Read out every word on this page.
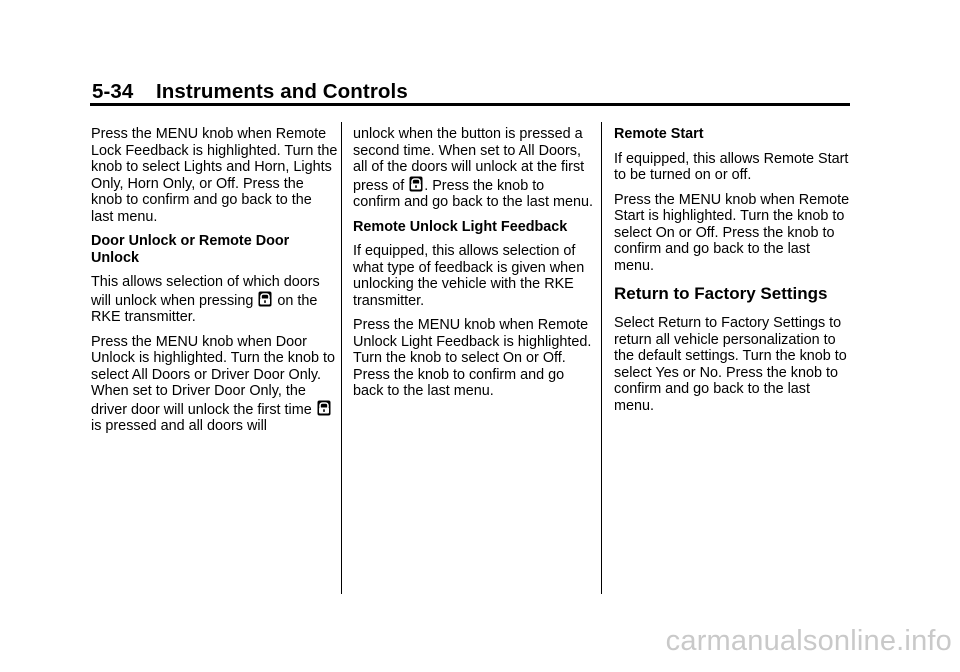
5-34 Instruments and Controls

Press the MENU knob when Remote Lock Feedback is highlighted. Turn the knob to select Lights and Horn, Lights Only, Horn Only, or Off. Press the knob to confirm and go back to the last menu.

Door Unlock or Remote Door Unlock

This allows selection of which doors will unlock when pressing
on the RKE transmitter.

Press the MENU knob when Door Unlock is highlighted. Turn the knob to select All Doors or Driver Door Only. When set to Driver Door Only, the driver door will unlock the first time
is pressed and all doors will

unlock when the button is pressed a second time. When set to All Doors, all of the doors will unlock at the first press of
. Press the knob to confirm and go back to the last menu.

Remote Unlock Light Feedback

If equipped, this allows selection of what type of feedback is given when unlocking the vehicle with the RKE transmitter.

Press the MENU knob when Remote Unlock Light Feedback is highlighted. Turn the knob to select On or Off. Press the knob to confirm and go back to the last menu.

Remote Start

If equipped, this allows Remote Start to be turned on or off.

Press the MENU knob when Remote Start is highlighted. Turn the knob to select On or Off. Press the knob to confirm and go back to the last menu.

Return to Factory Settings

Select Return to Factory Settings to return all vehicle personalization to the default settings. Turn the knob to select Yes or No. Press the knob to confirm and go back to the last menu.

carmanualsonline.info
